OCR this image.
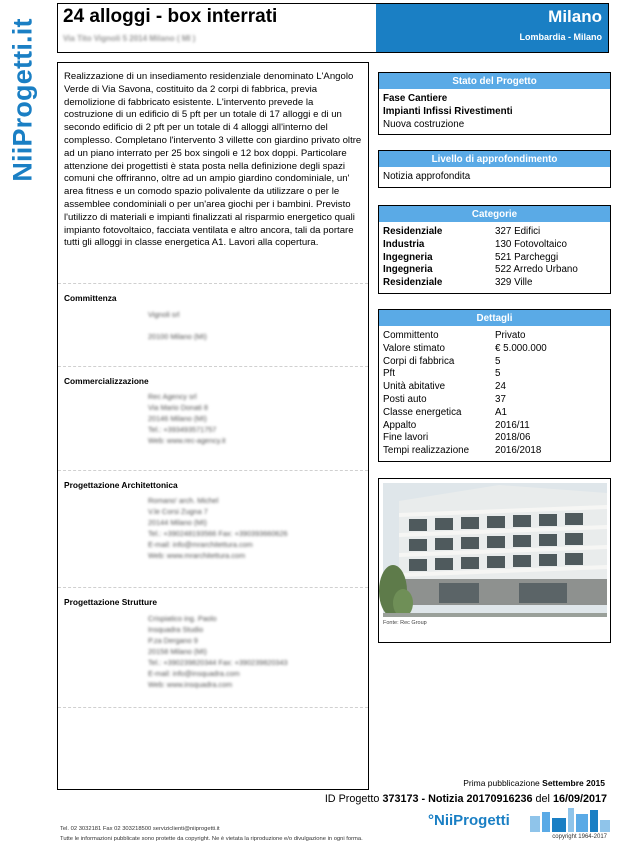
NiiProgetti.it
24 alloggi - box interrati
Via Tito Vignoli 5 2014 Milano ( MI )
Milano
Lombardia - Milano
Realizzazione di un insediamento residenziale denominato L'Angolo Verde di Via Savona, costituito da 2 corpi di fabbrica, previa demolizione di fabbricato esistente. L'intervento prevede la costruzione di un edificio di 5 pft per un totale di 17 alloggi e di un secondo edificio di 2 pft per un totale di 4 alloggi all'interno del complesso. Completano l'intervento 3 villette con giardino privato oltre ad un piano interrato per 25 box singoli e 12 box doppi. Particolare attenzione dei progettisti è stata posta nella definizione degli spazi comuni che offriranno, oltre ad un ampio giardino condominiale, un' area fitness e un comodo spazio polivalente da utilizzare o per le assemblee condominiali o per un'area giochi per i bambini. Previsto l'utilizzo di materiali e impianti finalizzati al risparmio energetico quali impianto fotovoltaico, facciata ventilata e altro ancora, tali da portare tutti gli alloggi in classe energetica A1. Lavori alla copertura.
Committenza
Vignoli srl

20100 Milano (MI)
Commercializzazione
Rec Agency srl
Via Mario Donati 8
20146 Milano (MI)
Tel.: +393493571757
Web: www.rec-agency.it
Progettazione Architettonica
Romano' arch. Michel
V.le Corsi Zugna 7
20144 Milano (MI)
Tel.: +390248193566 Fax: +390393660626
E-mail: info@mrarchitettura.com
Web: www.mrarchitettura.com
Progettazione Strutture
Crispiatico ing. Paolo
Insquadra Studio
P.za Dergano 9
20158 Milano (MI)
Tel.: +390239820344 Fax: +390239820343
E-mail: info@insquadra.com
Web: www.insquadra.com
Stato del Progetto
Fase Cantiere
Impianti Infissi Rivestimenti
Nuova costruzione
Livello di approfondimento
Notizia approfondita
Categorie
Residenziale	327 Edifici
Industria	130 Fotovoltaico
Ingegneria	521 Parcheggi
Ingegneria	522 Arredo Urbano
Residenziale	329 Ville
Dettagli
Committento	Privato
Valore stimato	€ 5.000.000
Corpi di fabbrica	5
Pft	5
Unità abitative	24
Posti auto	37
Classe energetica	A1
Appalto	2016/11
Fine lavori	2018/06
Tempi realizzazione	2016/2018
Fonte: Rec Group
Prima pubblicazione Settembre 2015
ID Progetto 373173 - Notizia 20170916236 del 16/09/2017
Tel. 02 3032181 Fax 02 303218500 serviziclienti@niiprogetti.it
Tutte le informazioni pubblicate sono protette da copyright. Ne è vietata la riproduzione e/o divulgazione in ogni forma.
°NiiProgetti
copyright 1964-2017
